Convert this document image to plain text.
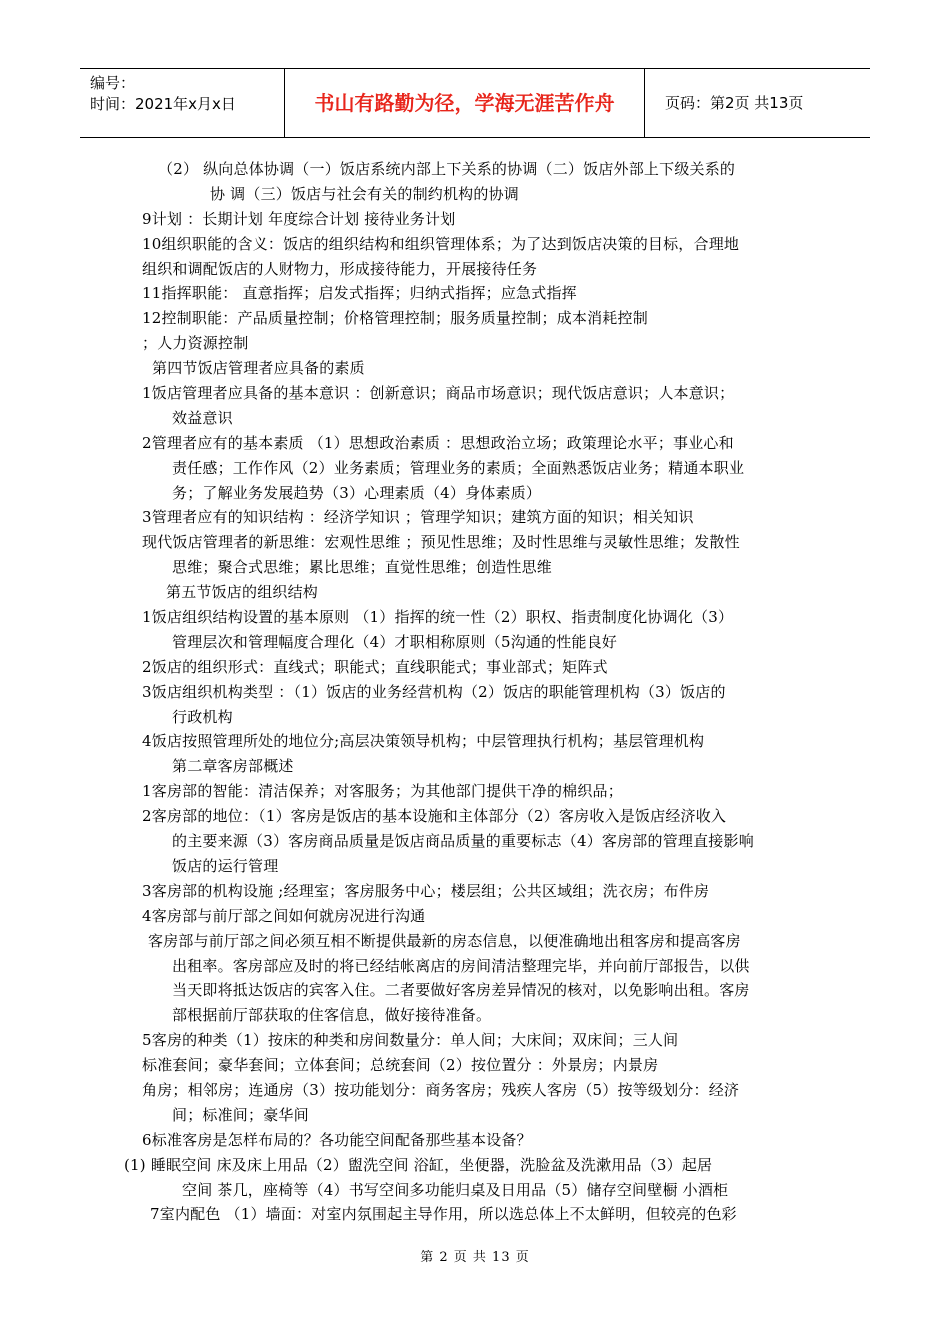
编号：
时间：2021年x月x日	书山有路勤为径，学海无涯苦作舟	页码：第2页 共13页
（2） 纵向总体协调（一）饭店系统内部上下关系的协调（二）饭店外部上下级关系的
协 调（三）饭店与社会有关的制约机构的协调
9计划 ：长期计划 年度综合计划 接待业务计划
10组织职能的含义：饭店的组织结构和组织管理体系；为了达到饭店决策的目标，合理地
组织和调配饭店的人财物力，形成接待能力，开展接待任务
11指挥职能： 直意指挥；启发式指挥；归纳式指挥；应急式指挥
12控制职能：产品质量控制；价格管理控制；服务质量控制；成本消耗控制
；人力资源控制
第四节饭店管理者应具备的素质
1饭店管理者应具备的基本意识 ：创新意识；商品市场意识；现代饭店意识；人本意识；
效益意识
2管理者应有的基本素质 （1）思想政治素质 ：思想政治立场；政策理论水平；事业心和
责任感；工作作风（2）业务素质；管理业务的素质；全面熟悉饭店业务；精通本职业
务；了解业务发展趋势（3）心理素质（4）身体素质）
3管理者应有的知识结构 ：经济学知识 ；管理学知识；建筑方面的知识；相关知识
现代饭店管理者的新思维：宏观性思维 ；预见性思维；及时性思维与灵敏性思维；发散性
思维；聚合式思维；累比思维；直觉性思维；创造性思维
第五节饭店的组织结构
1饭店组织结构设置的基本原则 （1）指挥的统一性（2）职权、指责制度化协调化（3）
管理层次和管理幅度合理化（4）才职相称原则（5沟通的性能良好
2饭店的组织形式：直线式；职能式；直线职能式；事业部式；矩阵式
3饭店组织机构类型 ：（1）饭店的业务经营机构（2）饭店的职能管理机构（3）饭店的
行政机构
4饭店按照管理所处的地位分;高层决策领导机构；中层管理执行机构；基层管理机构
第二章客房部概述
1客房部的智能：清洁保养；对客服务；为其他部门提供干净的棉织品；
2客房部的地位：（1）客房是饭店的基本设施和主体部分（2）客房收入是饭店经济收入
的主要来源（3）客房商品质量是饭店商品质量的重要标志（4）客房部的管理直接影响
饭店的运行管理
3客房部的机构设施 ;经理室；客房服务中心；楼层组；公共区域组；洗衣房；布件房
4客房部与前厅部之间如何就房况进行沟通
客房部与前厅部之间必须互相不断提供最新的房态信息，以便准确地出租客房和提高客房
出租率。客房部应及时的将已经结帐离店的房间清洁整理完毕，并向前厅部报告，以供
当天即将抵达饭店的宾客入住。二者要做好客房差异情况的核对，以免影响出租。客房
部根据前厅部获取的住客信息，做好接待准备。
5客房的种类（1）按床的种类和房间数量分：单人间；大床间；双床间；三人间
标准套间；豪华套间；立体套间；总统套间（2）按位置分 ：外景房；内景房
角房；相邻房；连通房（3）按功能划分：商务客房；残疾人客房（5）按等级划分：经济
间；标准间；豪华间
6标准客房是怎样布局的？各功能空间配备那些基本设备？
(1) 睡眠空间 床及床上用品（2）盥洗空间 浴缸，坐便器，洗脸盆及洗漱用品（3）起居
空间 茶几，座椅等（4）书写空间多功能归桌及日用品（5）储存空间壁橱 小酒柜
7室内配色 （1）墙面：对室内氛围起主导作用，所以选总体上不太鲜明，但较亮的色彩
第 2 页 共 13 页
